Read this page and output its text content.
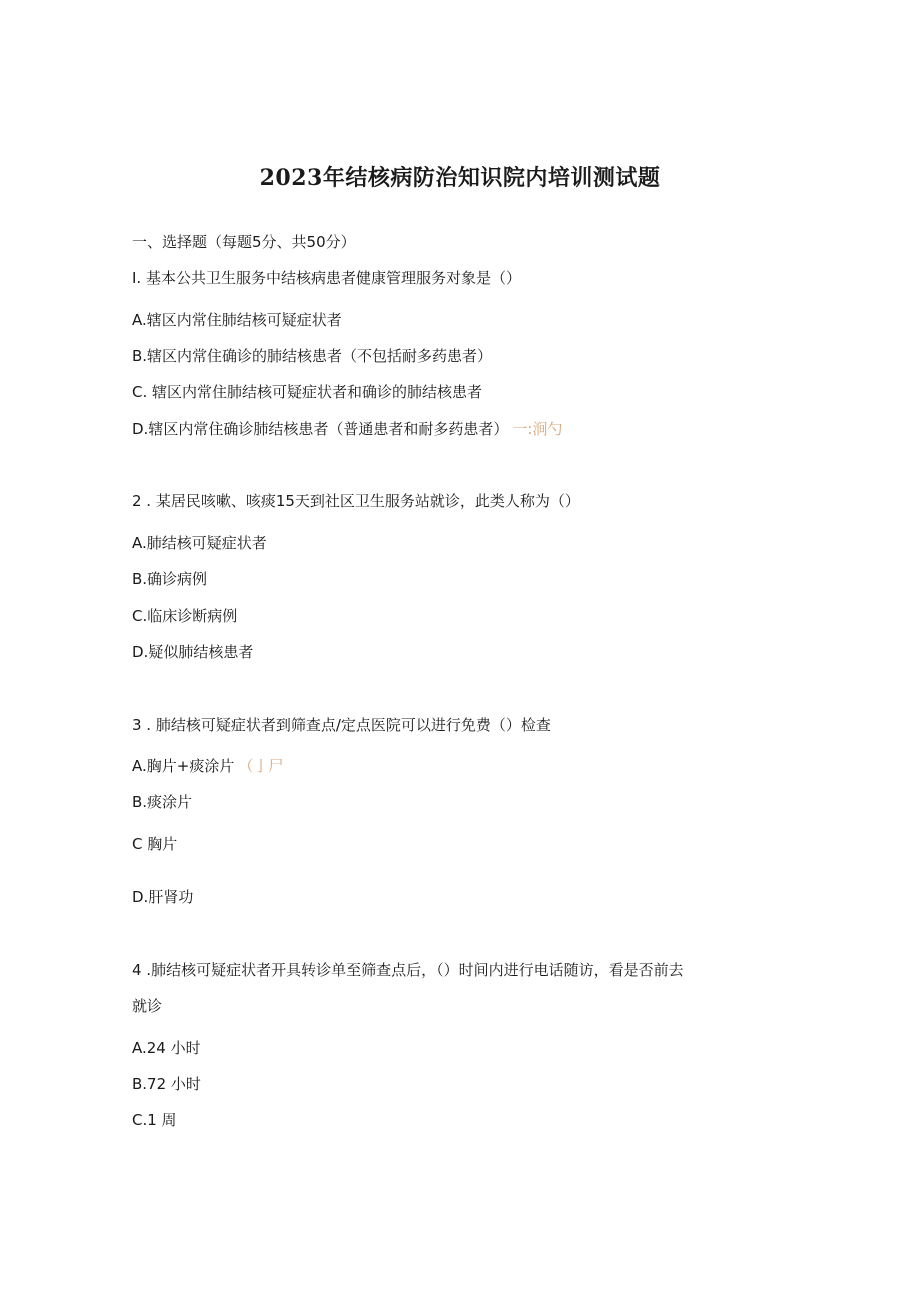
2023年结核病防治知识院内培训测试题
一、选择题（每题5分、共50分）
I. 基本公共卫生服务中结核病患者健康管理服务对象是（）
A.辖区内常住肺结核可疑症状者
B.辖区内常住确诊的肺结核患者（不包括耐多药患者）
C. 辖区内常住肺结核可疑症状者和确诊的肺结核患者
D.辖区内常住确诊肺结核患者（普通患者和耐多药患者） 一:涧勺
2 . 某居民咳嗽、咳痰15天到社区卫生服务站就诊，此类人称为（）
A.肺结核可疑症状者
B.确诊病例
C.临床诊断病例
D.疑似肺结核患者
3 . 肺结核可疑症状者到筛查点/定点医院可以进行免费（）检查
A.胸片+痰涂片 （亅尸
B.痰涂片
C 胸片
D.肝肾功
4 .肺结核可疑症状者开具转诊单至筛查点后，（）时间内进行电话随访，看是否前去
就诊
A.24 小时
B.72 小时
C.1 周
